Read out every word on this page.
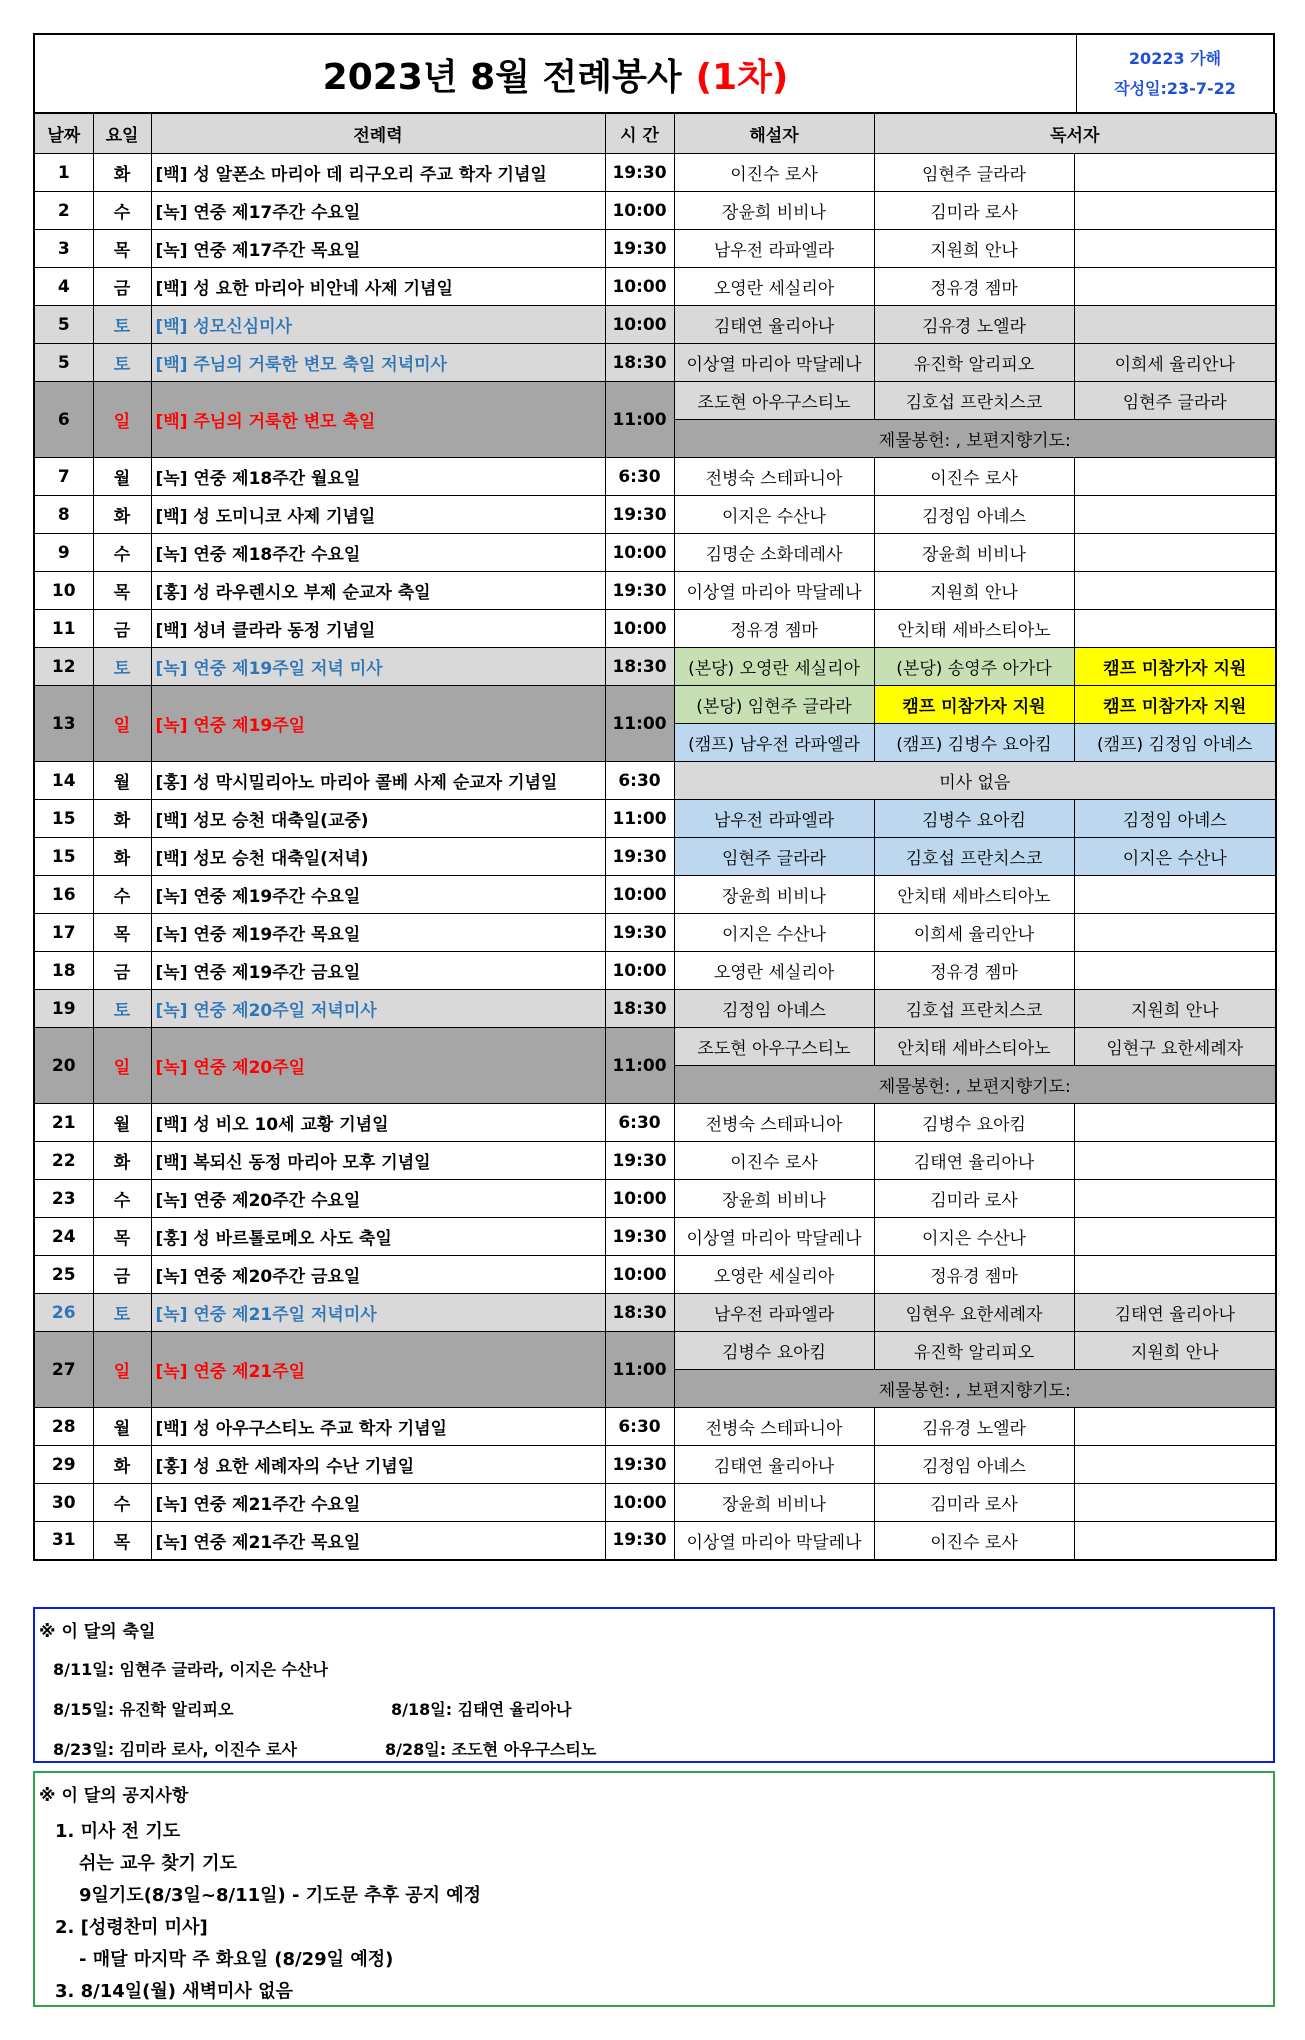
2023년 8월 전례봉사 (1차)	20223 가해
작성일:23-7-22
날짜	요일	전례력	시 간	해설자	독서자	
1	화	[백] 성 알폰소 마리아 데 리구오리 주교 학자 기념일	19:30	이진수 로사	임현주 글라라	
2	수	[녹] 연중 제17주간 수요일	10:00	장윤희 비비나	김미라 로사	
3	목	[녹] 연중 제17주간 목요일	19:30	남우전 라파엘라	지원희 안나	
4	금	[백] 성 요한 마리아 비안네 사제 기념일	10:00	오영란 세실리아	정유경 젬마	
5	토	[백] 성모신심미사	10:00	김태연 율리아나	김유경 노엘라	
5	토	[백] 주님의 거룩한 변모 축일 저녁미사	18:30	이상열 마리아 막달레나	유진학 알리피오	이희세 율리안나
6	일	[백] 주님의 거룩한 변모 축일	11:00	조도현 아우구스티노	김호섭 프란치스코	임현주 글라라
				제물봉헌: , 보편지향기도:		
7	월	[녹] 연중 제18주간 월요일	6:30	전병숙 스테파니아	이진수 로사	
8	화	[백] 성 도미니코 사제 기념일	19:30	이지은 수산나	김정임 아녜스	
9	수	[녹] 연중 제18주간 수요일	10:00	김명순 소화데레사	장윤희 비비나	
10	목	[홍] 성 라우렌시오 부제 순교자 축일	19:30	이상열 마리아 막달레나	지원희 안나	
11	금	[백] 성녀 클라라 동정 기념일	10:00	정유경 젬마	안치태 세바스티아노	
12	토	[녹] 연중 제19주일 저녁 미사	18:30	(본당) 오영란 세실리아	(본당) 송영주 아가다	캠프 미참가자 지원
13	일	[녹] 연중 제19주일	11:00	(본당) 임현주 글라라	캠프 미참가자 지원	캠프 미참가자 지원
				(캠프) 남우전 라파엘라	(캠프) 김병수 요아킴	(캠프) 김정임 아녜스
14	월	[홍] 성 막시밀리아노 마리아 콜베 사제 순교자 기념일	6:30	미사 없음		
15	화	[백] 성모 승천 대축일(교중)	11:00	남우전 라파엘라	김병수 요아킴	김정임 아녜스
15	화	[백] 성모 승천 대축일(저녁)	19:30	임현주 글라라	김호섭 프란치스코	이지은 수산나
16	수	[녹] 연중 제19주간 수요일	10:00	장윤희 비비나	안치태 세바스티아노	
17	목	[녹] 연중 제19주간 목요일	19:30	이지은 수산나	이희세 율리안나	
18	금	[녹] 연중 제19주간 금요일	10:00	오영란 세실리아	정유경 젬마	
19	토	[녹] 연중 제20주일 저녁미사	18:30	김정임 아녜스	김호섭 프란치스코	지원희 안나
20	일	[녹] 연중 제20주일	11:00	조도현 아우구스티노	안치태 세바스티아노	임현구 요한세례자
				제물봉헌: , 보편지향기도:		
21	월	[백] 성 비오 10세 교황 기념일	6:30	전병숙 스테파니아	김병수 요아킴	
22	화	[백] 복되신 동정 마리아 모후 기념일	19:30	이진수 로사	김태연 율리아나	
23	수	[녹] 연중 제20주간 수요일	10:00	장윤희 비비나	김미라 로사	
24	목	[홍] 성 바르톨로메오 사도 축일	19:30	이상열 마리아 막달레나	이지은 수산나	
25	금	[녹] 연중 제20주간 금요일	10:00	오영란 세실리아	정유경 젬마	
26	토	[녹] 연중 제21주일 저녁미사	18:30	남우전 라파엘라	임현우 요한세례자	김태연 율리아나
27	일	[녹] 연중 제21주일	11:00	김병수 요아킴	유진학 알리피오	지원희 안나
				제물봉헌: , 보편지향기도:		
28	월	[백] 성 아우구스티노 주교 학자 기념일	6:30	전병숙 스테파니아	김유경 노엘라	
29	화	[홍] 성 요한 세례자의 수난 기념일	19:30	김태연 율리아나	김정임 아녜스	
30	수	[녹] 연중 제21주간 수요일	10:00	장윤희 비비나	김미라 로사	
31	목	[녹] 연중 제21주간 목요일	19:30	이상열 마리아 막달레나	이진수 로사	
※ 이 달의 축일
8/11일: 임현주 글라라, 이지은 수산나
8/15일: 유진학 알리피오	8/18일: 김태연 율리아나
8/23일: 김미라 로사, 이진수 로사	8/28일: 조도현 아우구스티노
※ 이 달의 공지사항
1. 미사 전 기도
쉬는 교우 찾기 기도
9일기도(8/3일~8/11일) - 기도문 추후 공지 예정
2. [성령찬미 미사]
- 매달 마지막 주 화요일 (8/29일 예정)
3. 8/14일(월) 새벽미사 없음
